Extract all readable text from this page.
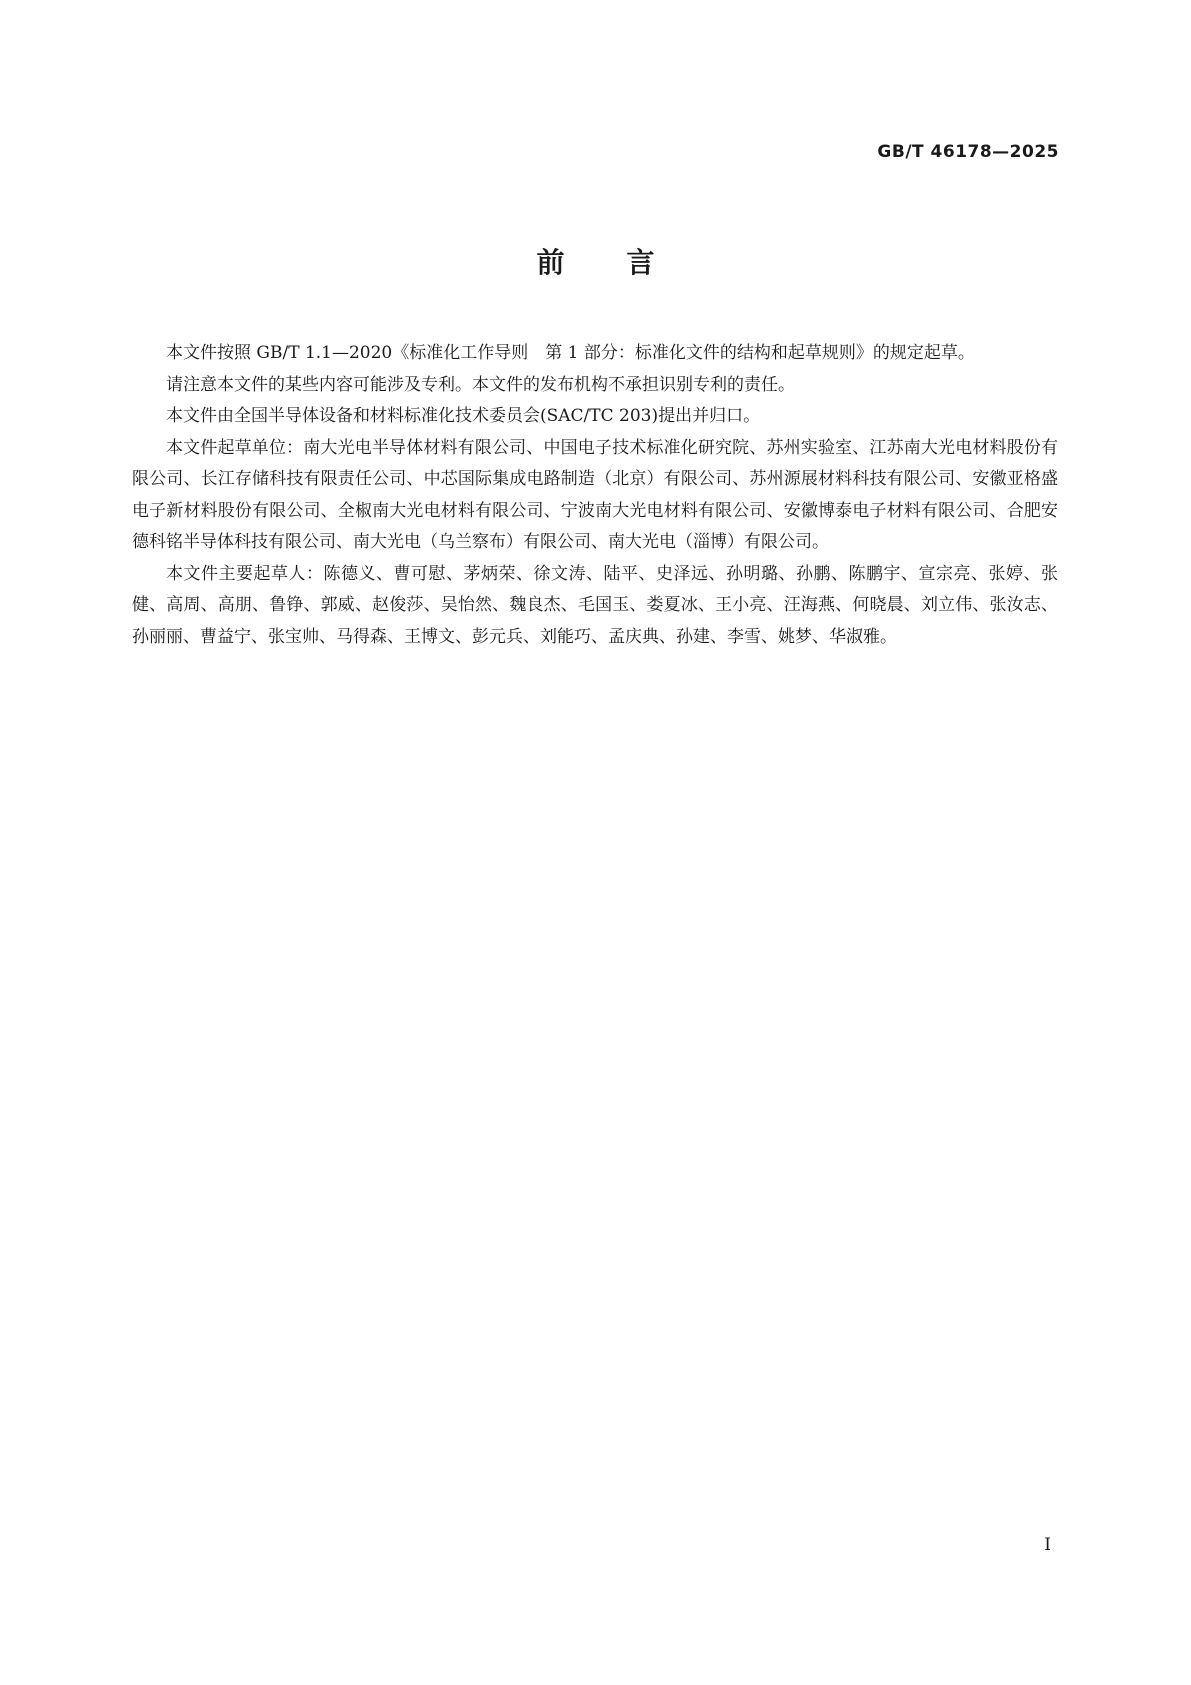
GB/T 46178—2025
前言

本文件按照 GB/T 1.1—2020《标准化工作导则　第 1 部分：标准化文件的结构和起草规则》的规定起草。

请注意本文件的某些内容可能涉及专利。本文件的发布机构不承担识别专利的责任。

本文件由全国半导体设备和材料标准化技术委员会(SAC/TC 203)提出并归口。

本文件起草单位：南大光电半导体材料有限公司、中国电子技术标准化研究院、苏州实验室、江苏南大光电材料股份有限公司、长江存储科技有限责任公司、中芯国际集成电路制造（北京）有限公司、苏州源展材料科技有限公司、安徽亚格盛电子新材料股份有限公司、全椒南大光电材料有限公司、宁波南大光电材料有限公司、安徽博泰电子材料有限公司、合肥安德科铭半导体科技有限公司、南大光电（乌兰察布）有限公司、南大光电（淄博）有限公司。

本文件主要起草人：陈德义、曹可慰、茅炳荣、徐文涛、陆平、史泽远、孙明璐、孙鹏、陈鹏宇、宣宗亮、张婷、张健、高周、高朋、鲁铮、郭威、赵俊莎、吴怡然、魏良杰、毛国玉、娄夏冰、王小亮、汪海燕、何晓晨、刘立伟、张汝志、孙丽丽、曹益宁、张宝帅、马得森、王博文、彭元兵、刘能巧、孟庆典、孙建、李雪、姚梦、华淑雅。

I
